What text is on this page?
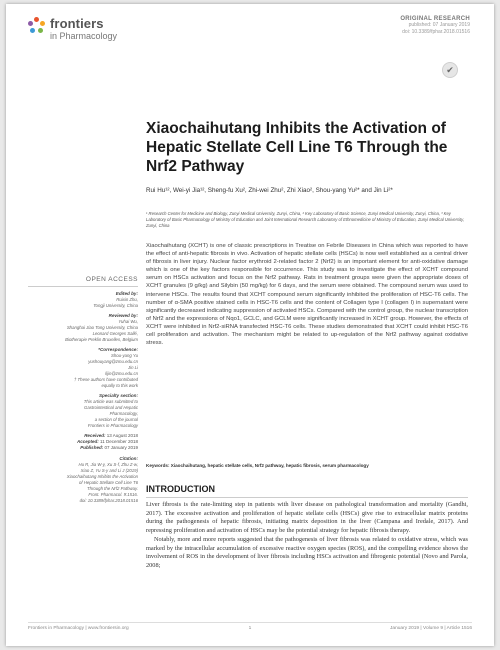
frontiers
in Pharmacology
ORIGINAL RESEARCH
published: 07 January 2019
doi: 10.3389/fphar.2018.01516
✔
Xiaochaihutang Inhibits the Activation of Hepatic Stellate Cell Line T6 Through the Nrf2 Pathway
Rui Hu¹², Wei-yi Jia¹², Sheng-fu Xu², Zhi-wei Zhu², Zhi Xiao², Shou-yang Yu²* and Jin Li²*
¹ Research Center for Medicine and Biology, Zunyi Medical University, Zunyi, China, ² Key Laboratory of Basic Science, Zunyi Medical University, Zunyi, China, ³ Key Laboratory of Basic Pharmacology of Ministry of Education and Joint International Research Laboratory of Ethnomedicine of Ministry of Education, Zunyi Medical University, Zunyi, China
OPEN ACCESS
Edited by:
Ruixin Zhu,
Tongji University, China
Reviewed by:
Yuhai Wu,
Shanghai Jiao Tong University, China
Leonard Georges Sallé,
Biotherapie Preklin Bruxelles, Belgium
*Correspondence:
Shou-yang Yu
yushouyang@zmu.edu.cn
Jin Li
lijin@zmu.edu.cn
† These authors have contributed
equally to this work
Specialty section:
This article was submitted to
Gastrointestinal and Hepatic
Pharmacology,
a section of the journal
Frontiers in Pharmacology
Received: 13 August 2018
Accepted: 11 December 2018
Published: 07 January 2019
Citation:
Hu R, Jia W-y, Xu S-f, Zhu Z-w,
Xiao Z, Yu S-y and Li J (2019)
Xiaochaihutang Inhibits the Activation
of Hepatic Stellate Cell Line T6
Through the Nrf2 Pathway.
Front. Pharmacol. 9:1516.
doi: 10.3389/fphar.2018.01516
Xiaochaihutang (XCHT) is one of classic prescriptions in Treatise on Febrile Diseases in China which was reported to have the effect of anti-hepatic fibrosis in vivo. Activation of hepatic stellate cells (HSCs) is now well established as a central driver of fibrosis in liver injury. Nuclear factor erythroid 2-related factor 2 (Nrf2) is an important element for anti-oxidative damage which is one of the key factors responsible for occurrence. This study was to investigate the effect of XCHT compound serum on HSCs activation and focus on the Nrf2 pathway. Rats in treatment groups were given the appropriate doses of XCHT granules (9 g/kg) and Silybin (50 mg/kg) for 6 days, and the serum were obtained. The compound serum was used to intervene HSCs. The results found that XCHT compound serum significantly inhibited the proliferation of HSC-T6 cells. The number of α-SMA positive stained cells in HSC-T6 cells and the content of Collagen type I (collagen I) in supernatant were significantly decreased indicating suppression of activated HSCs. Compared with the control group, the nuclear transcription of Nrf2 and the expressions of Nqo1, GCLC, and GCLM were significantly increased in XCHT group. However, the effects of XCHT were inhibited in Nrf2-siRNA transfected HSC-T6 cells. These studies demonstrated that XCHT could inhibit HSC-T6 cell proliferation and activation. The mechanism might be related to up-regulation of the Nrf2 pathway against oxidative stress.
Keywords: Xiaochaihutang, hepatic stellate cells, Nrf2 pathway, hepatic fibrosis, serum pharmacology
INTRODUCTION

Liver fibrosis is the rate-limiting step in patients with liver disease on pathological transformation and mortality (Gandhi, 2017). The excessive activation and proliferation of hepatic stellate cells (HSCs) give rise to extracellular matrix proteins during the pathogenesis of hepatic fibrosis, initiating matrix deposition in the liver (Campana and Iredale, 2017). And repressing proliferation and activation of HSCs may be the potential strategy for hepatic fibrosis therapy.

Notably, more and more reports suggested that the pathogenesis of liver fibrosis was related to oxidative stress, which was marked by the intracellular accumulation of excessive reactive oxygen species (ROS), and the compelling evidence shows the involvement of ROS in the development of liver fibrosis including HSCs activation and fibrogenic potential (Novo and Parola, 2008;

1
Frontiers in Pharmacology | www.frontiersin.org	January 2019 | Volume 9 | Article 1516
